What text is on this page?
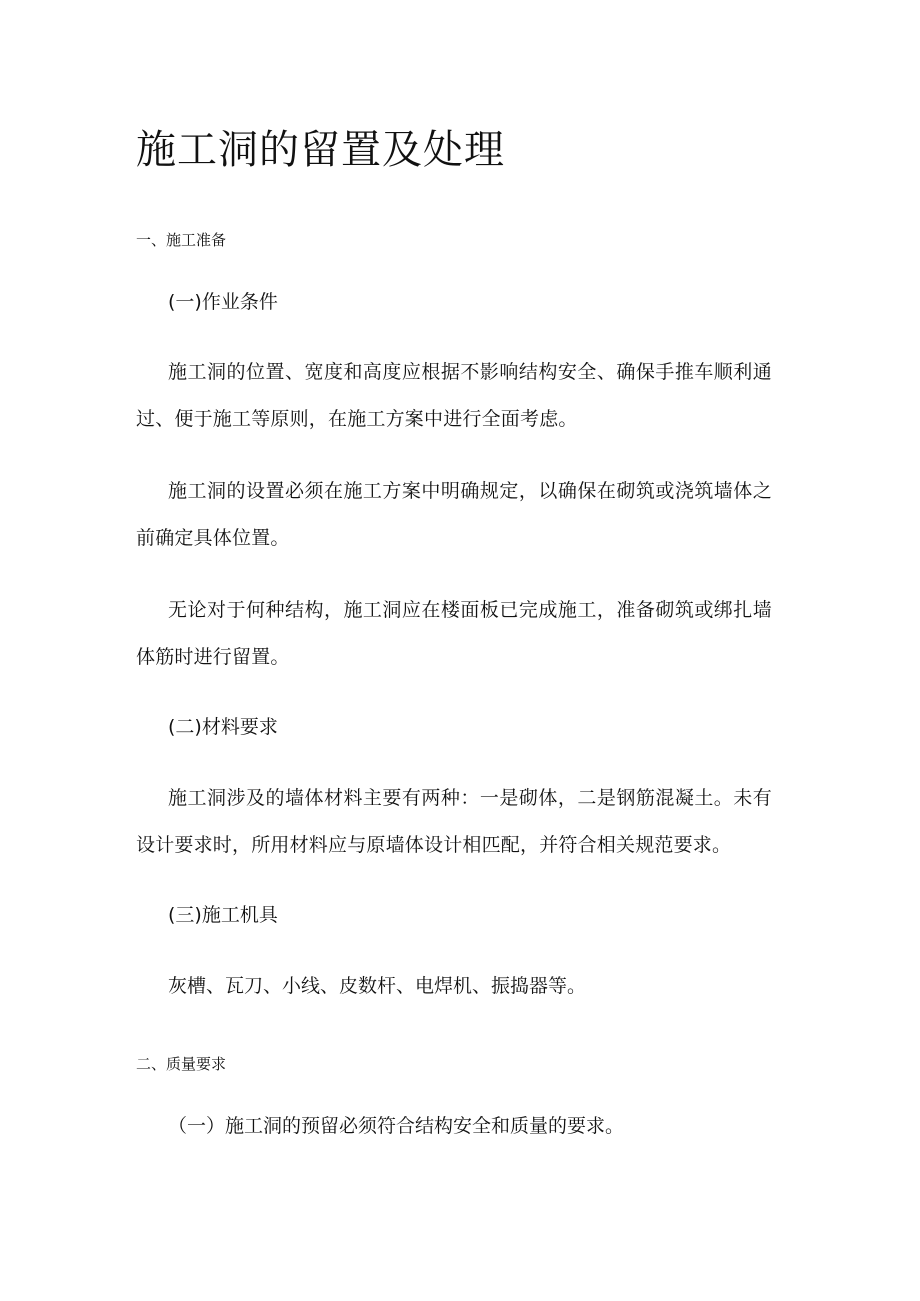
施工洞的留置及处理
一、施工准备
(一)作业条件

施工洞的位置、宽度和高度应根据不影响结构安全、确保手推车顺利通过、便于施工等原则，在施工方案中进行全面考虑。

施工洞的设置必须在施工方案中明确规定，以确保在砌筑或浇筑墙体之前确定具体位置。

无论对于何种结构，施工洞应在楼面板已完成施工，准备砌筑或绑扎墙体筋时进行留置。

(二)材料要求

施工洞涉及的墙体材料主要有两种：一是砌体，二是钢筋混凝土。未有设计要求时，所用材料应与原墙体设计相匹配，并符合相关规范要求。

(三)施工机具

灰槽、瓦刀、小线、皮数杆、电焊机、振捣器等。

二、质量要求

（一）施工洞的预留必须符合结构安全和质量的要求。
